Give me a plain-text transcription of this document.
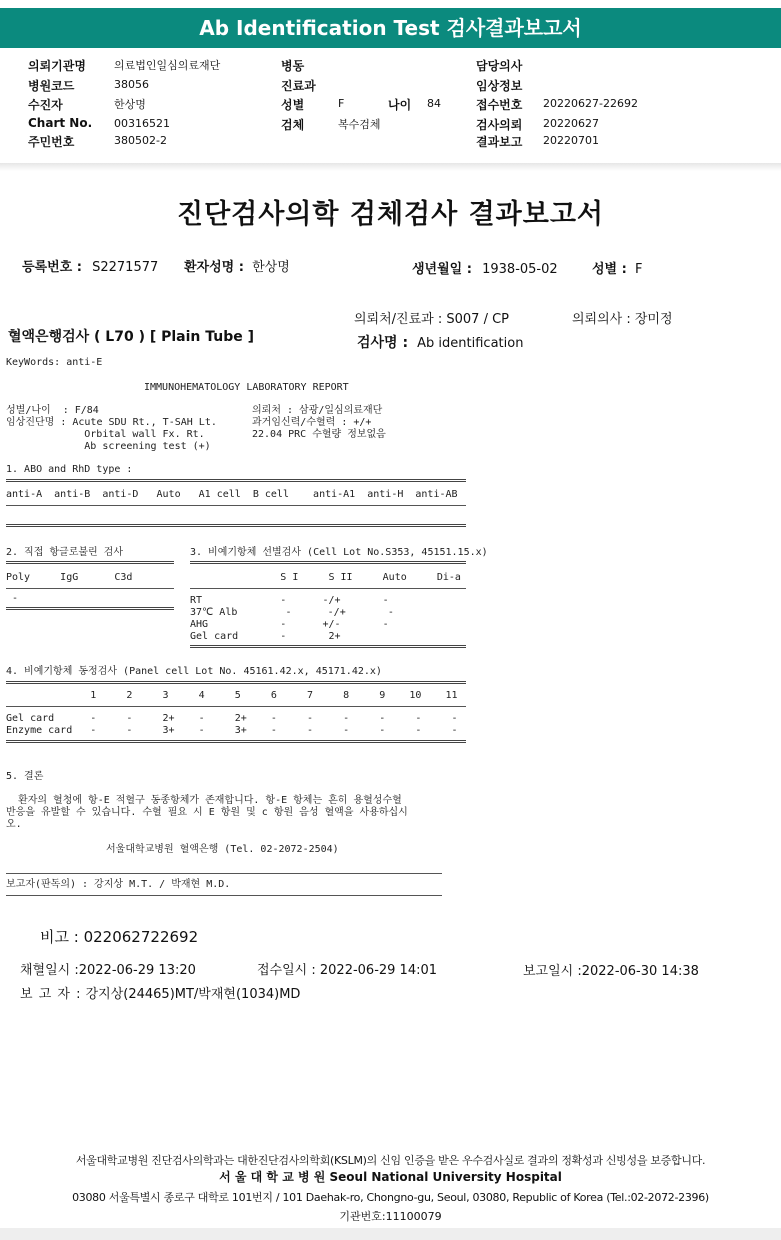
Ab Identification Test 검사결과보고서
의뢰기관명	의료법인일심의료재단
병원코드	38056
수진자	한상명
Chart No. 00316521
주민번호	380502-2
병동
진료과
성별	F	나이 84
검체	복수검체
담당의사
임상정보
접수번호 20220627-22692
검사의뢰 20220627
결과보고 20220701
진단검사의학 검체검사 결과보고서
등록번호 : S2271577 환자성명 : 한상명	생년월일 : 1938-05-02	성별 : F
의뢰처/진료과 : S007 / CP	의뢰의사 : 장미정
혈액은행검사 ( L70 ) [ Plain Tube ]	검사명 : Ab identification
KeyWords: anti-E
IMMUNOHEMATOLOGY LABORATORY REPORT
성별/나이  : F/84
임상진단명 : Acute SDU Rt., T-SAH Lt.
Orbital wall Fx. Rt.
Ab screening test (+)
의뢰처 : 삼광/일심의료재단
과거임신력/수혈력 : +/+
22.04 PRC 수혈량 정보없음
1. ABO and RhD type :
anti-A  anti-B  anti-D   Auto   A1 cell  B cell    anti-A1  anti-H  anti-AB
2. 직접 항글로불린 검사
Poly     IgG      C3d
-
3. 비예기항체 선별검사 (Cell Lot No.S353, 45151.15.x)
S I     S II     Auto     Di-a
RT             -      -/+       -
37℃ Alb        -      -/+       -
AHG            -      +/-       -
Gel card       -       2+
4. 비예기항체 동정검사 (Panel cell Lot No. 45161.42.x, 45171.42.x)
1     2     3     4     5     6     7     8     9    10    11
Gel card      -     -     2+    -     2+    -     -     -     -     -     -
Enzyme card   -     -     3+    -     3+    -     -     -     -     -     -
5. 결론
환자의 혈청에 항-E 적혈구 동종항체가 존재합니다. 항-E 항체는 흔히 용혈성수혈
반응을 유발할 수 있습니다. 수혈 필요 시 E 항원 및 c 항원 음성 혈액을 사용하십시
오.
서울대학교병원 혈액은행 (Tel. 02-2072-2504)
보고자(판독의) : 강지상 M.T. / 박재현 M.D.
비고 : 022062722692
채혈일시 :2022-06-29 13:20	접수일시 : 2022-06-29 14:01	보고일시 :2022-06-30 14:38
보 고 자 : 강지상(24465)MT/박재현(1034)MD
서울대학교병원 진단검사의학과는 대한진단검사의학회(KSLM)의 신임 인증을 받은 우수검사실로 결과의 정확성과 신빙성을 보증합니다.
서 울 대 학 교 병 원 Seoul National University Hospital
03080 서울특별시 종로구 대학로 101번지 / 101 Daehak-ro, Chongno-gu, Seoul, 03080, Republic of Korea (Tel.:02-2072-2396)
기관번호:11100079
